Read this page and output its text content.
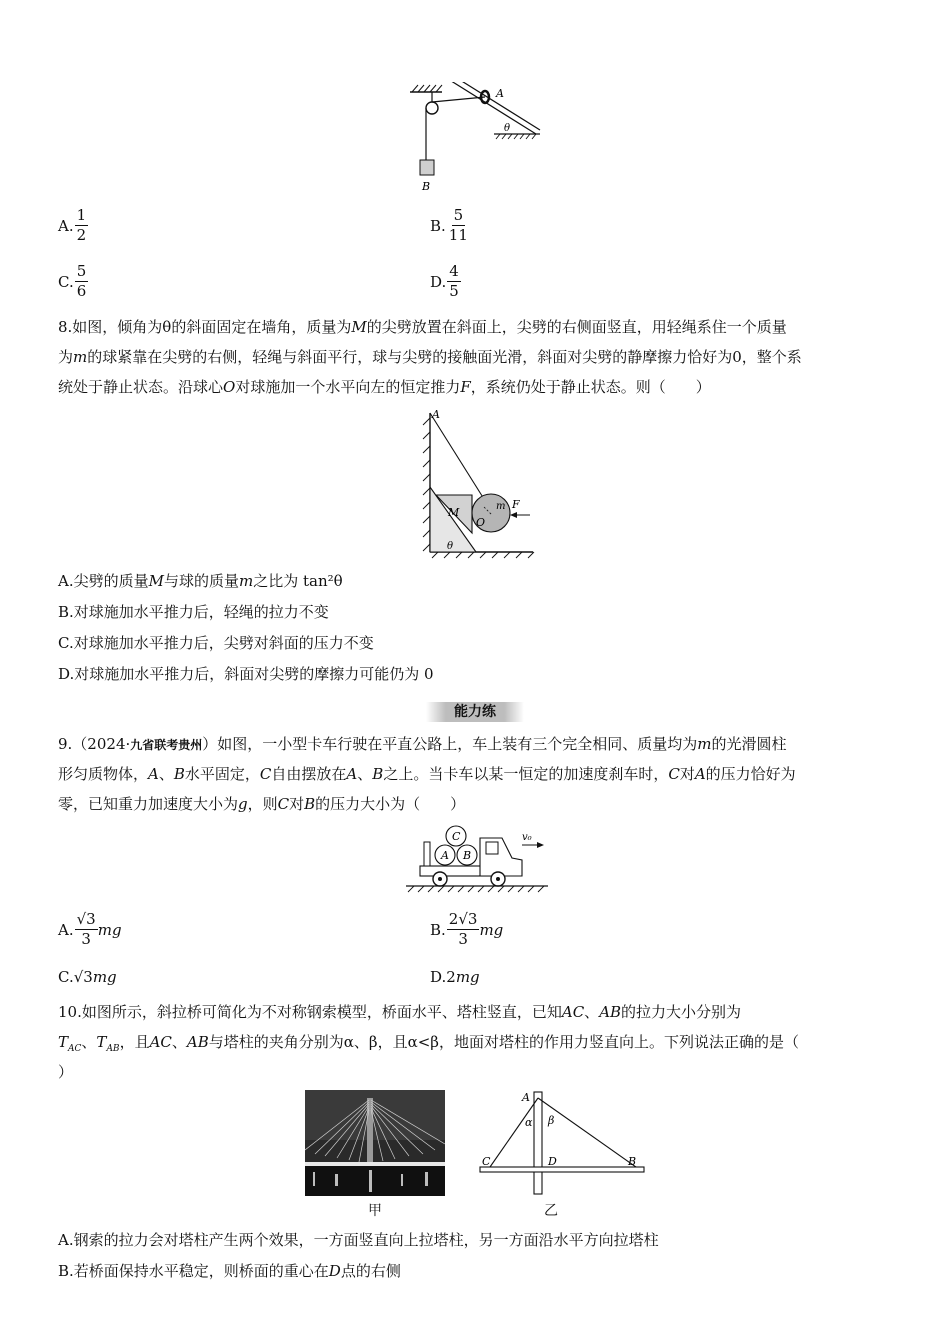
A
B
θ
A. $\frac{1}{2}$	B. $\frac{5}{11}$
C. $\frac{5}{6}$	D. $\frac{4}{5}$
8.如图，倾角为θ的斜面固定在墙角，质量为M的尖劈放置在斜面上，尖劈的右侧面竖直，用轻绳系住一个质量
为m的球紧靠在尖劈的右侧，轻绳与斜面平行，球与尖劈的接触面光滑，斜面对尖劈的静摩擦力恰好为0，整个系
统处于静止状态。沿球心O对球施加一个水平向左的恒定推力F，系统仍处于静止状态。则（　　）
A
M	m
O
F
θ
A.尖劈的质量M与球的质量m之比为 tan²θ
B.对球施加水平推力后，轻绳的拉力不变
C.对球施加水平推力后，尖劈对斜面的压力不变
D.对球施加水平推力后，斜面对尖劈的摩擦力可能仍为 0
能力练
9.（2024·九省联考贵州）如图，一小型卡车行驶在平直公路上，车上装有三个完全相同、质量均为m的光滑圆柱
形匀质物体，A、B水平固定，C自由摆放在A、B之上。当卡车以某一恒定的加速度刹车时，C对A的压力恰好为
零，已知重力加速度大小为g，则C对B的压力大小为（　　）
A B
C	v₀
A. $\frac{√3}{3}$ mg	B. $\frac{2√3}{3}$ mg
C. √3 mg	D. 2 mg
10.如图所示，斜拉桥可简化为不对称钢索模型，桥面水平、塔柱竖直，已知AC、AB的拉力大小分别为
$T_{AC}$、$T_{AB}$，且AC、AB与塔柱的夹角分别为α、β，且α<β，地面对塔柱的作用力竖直向上。下列说法正确的是（
）
甲
A
C	D	B
α β
乙
A.钢索的拉力会对塔柱产生两个效果，一方面竖直向上拉塔柱，另一方面沿水平方向拉塔柱
B.若桥面保持水平稳定，则桥面的重心在D点的右侧
